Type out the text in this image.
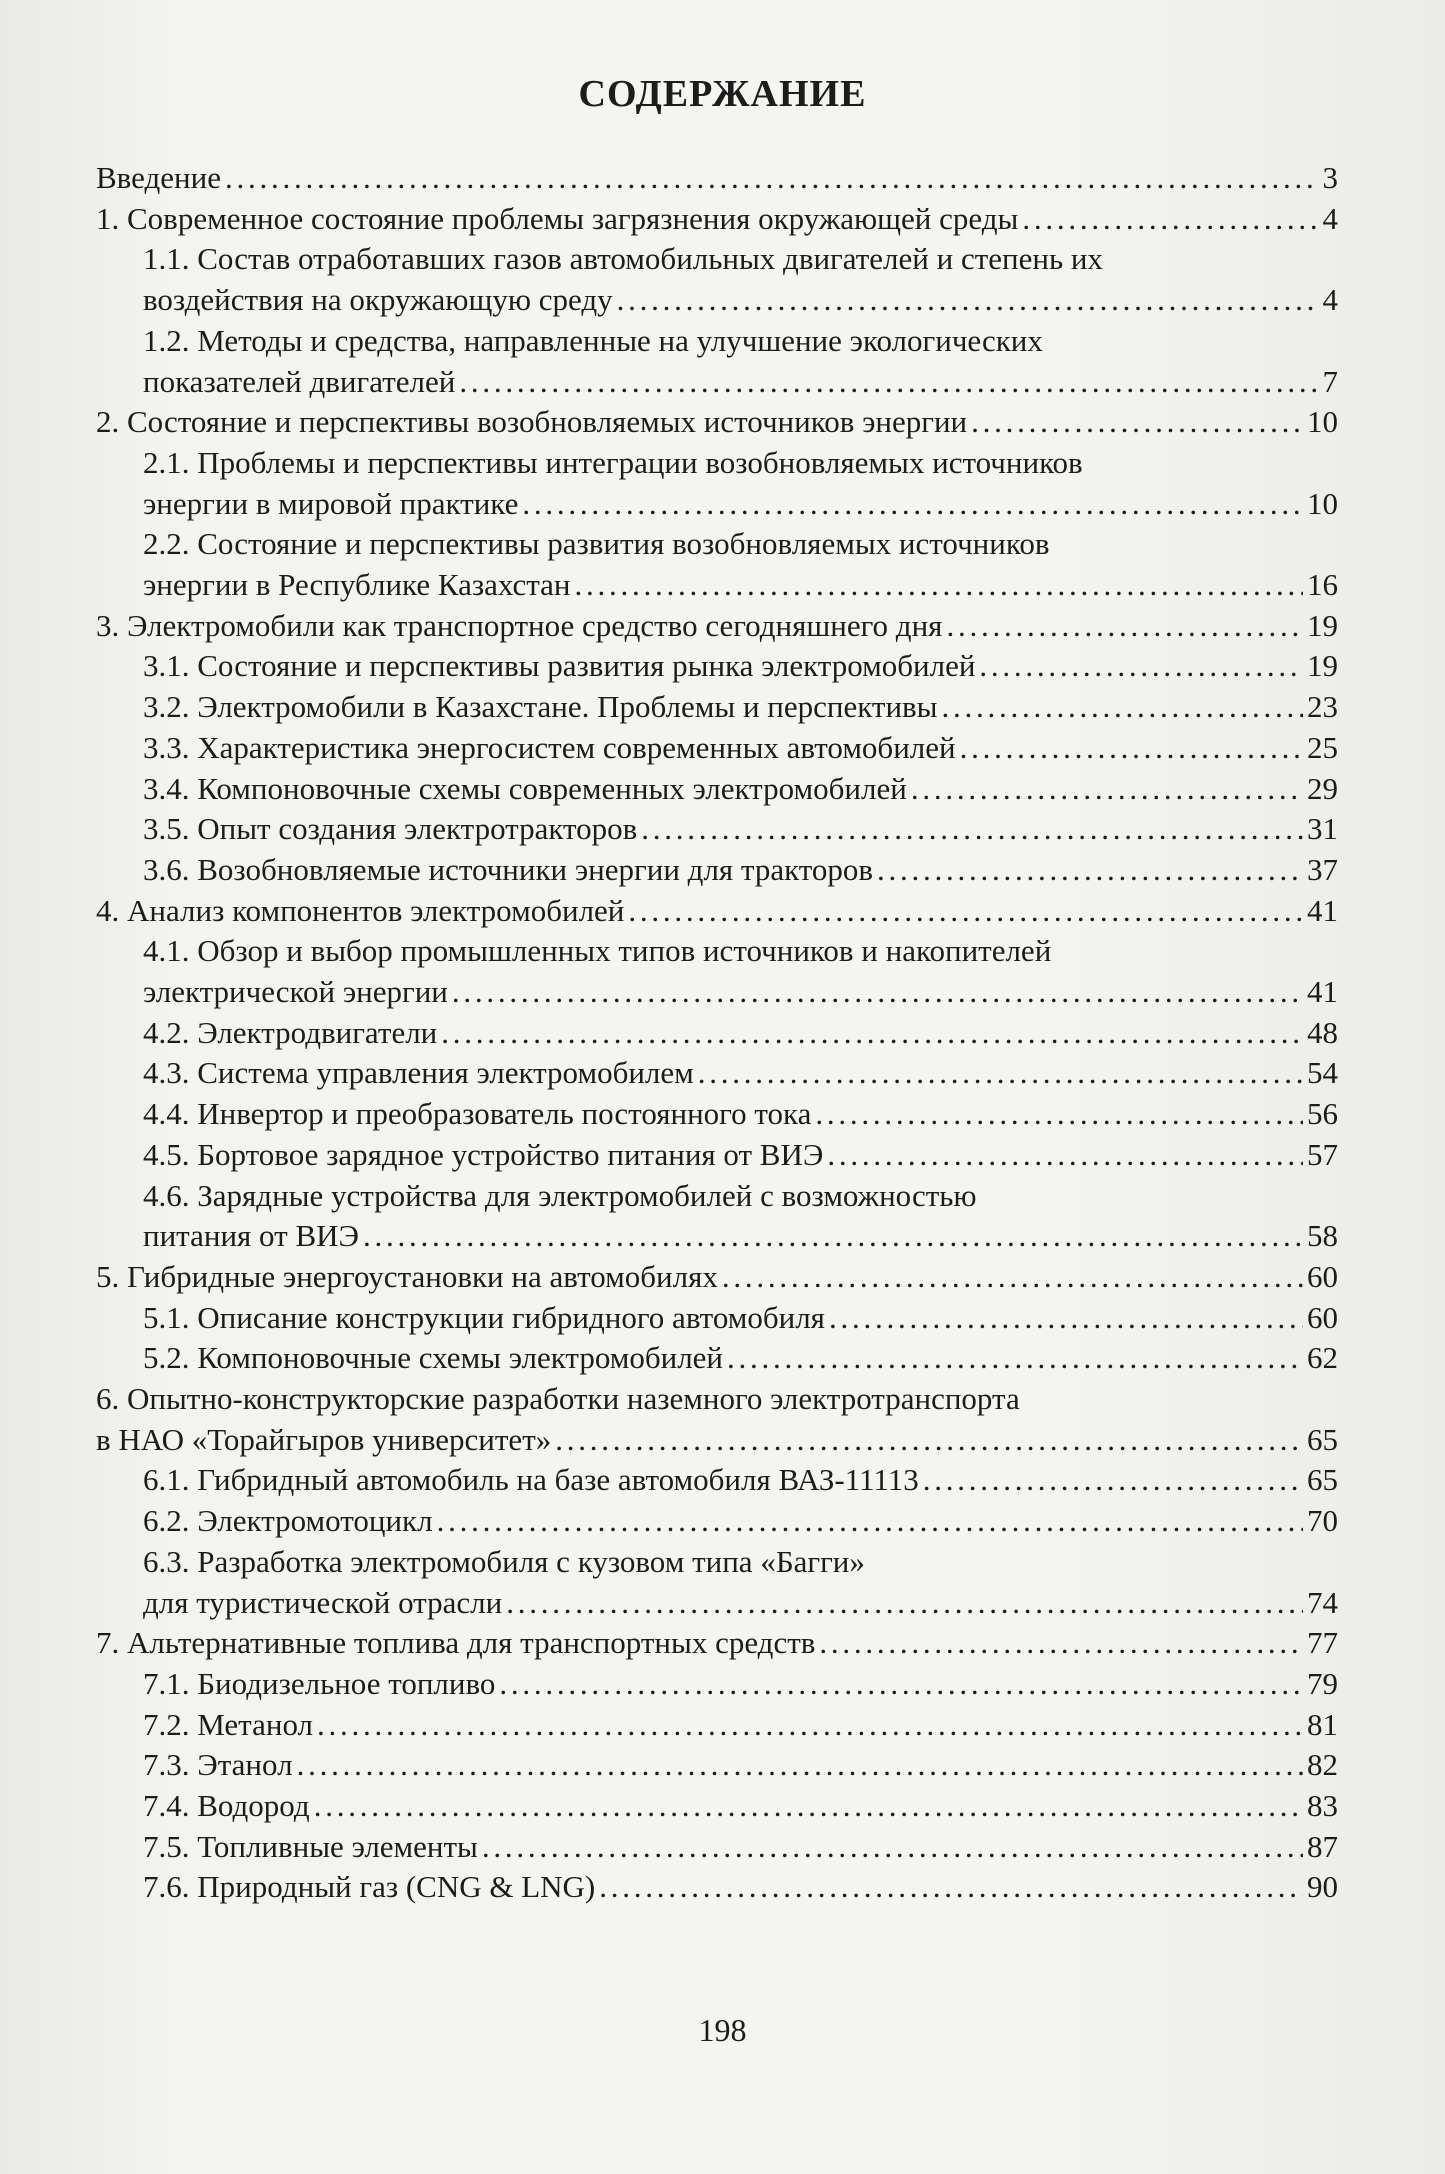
СОДЕРЖАНИЕ
Введение . . .	3
1. Современное состояние проблемы загрязнения окружающей среды . . .	4
1.1. Состав отработавших газов автомобильных двигателей и степень их
воздействия на окружающую среду . . .	4
1.2. Методы и средства, направленные на улучшение экологических
показателей двигателей . . .	7
2. Состояние и перспективы возобновляемых источников энергии . . .	10
2.1. Проблемы и перспективы интеграции возобновляемых источников
энергии в мировой практике . . .	10
2.2. Состояние и перспективы развития возобновляемых источников
энергии в Республике Казахстан . . .	16
3. Электромобили как транспортное средство сегодняшнего дня . . .	19
3.1. Состояние и перспективы развития рынка электромобилей . . .	19
3.2. Электромобили в Казахстане. Проблемы и перспективы . . .	23
3.3. Характеристика энергосистем современных автомобилей . . .	25
3.4. Компоновочные схемы современных электромобилей . . .	29
3.5. Опыт создания электротракторов . . .	31
3.6. Возобновляемые источники энергии для тракторов . . .	37
4. Анализ компонентов электромобилей . . .	41
4.1. Обзор и выбор промышленных типов источников и накопителей
электрической энергии . . .	41
4.2. Электродвигатели . . .	48
4.3. Система управления электромобилем . . .	54
4.4. Инвертор и преобразователь постоянного тока . . .	56
4.5. Бортовое зарядное устройство питания от ВИЭ . . .	57
4.6. Зарядные устройства для электромобилей с возможностью
питания от ВИЭ . . .	58
5. Гибридные энергоустановки на автомобилях . . .	60
5.1. Описание конструкции гибридного автомобиля . . .	60
5.2. Компоновочные схемы электромобилей . . .	62
6. Опытно-конструкторские разработки наземного электротранспорта
в НАО «Торайгыров университет» . . .	65
6.1. Гибридный автомобиль на базе автомобиля ВАЗ-11113 . . .	65
6.2. Электромотоцикл . . .	70
6.3. Разработка электромобиля с кузовом типа «Багги»
для туристической отрасли . . .	74
7. Альтернативные топлива для транспортных средств . . .	77
7.1. Биодизельное топливо . . .	79
7.2. Метанол . . .	81
7.3. Этанол . . .	82
7.4. Водород . . .	83
7.5. Топливные элементы . . .	87
7.6. Природный газ (CNG & LNG) . . .	90
198
